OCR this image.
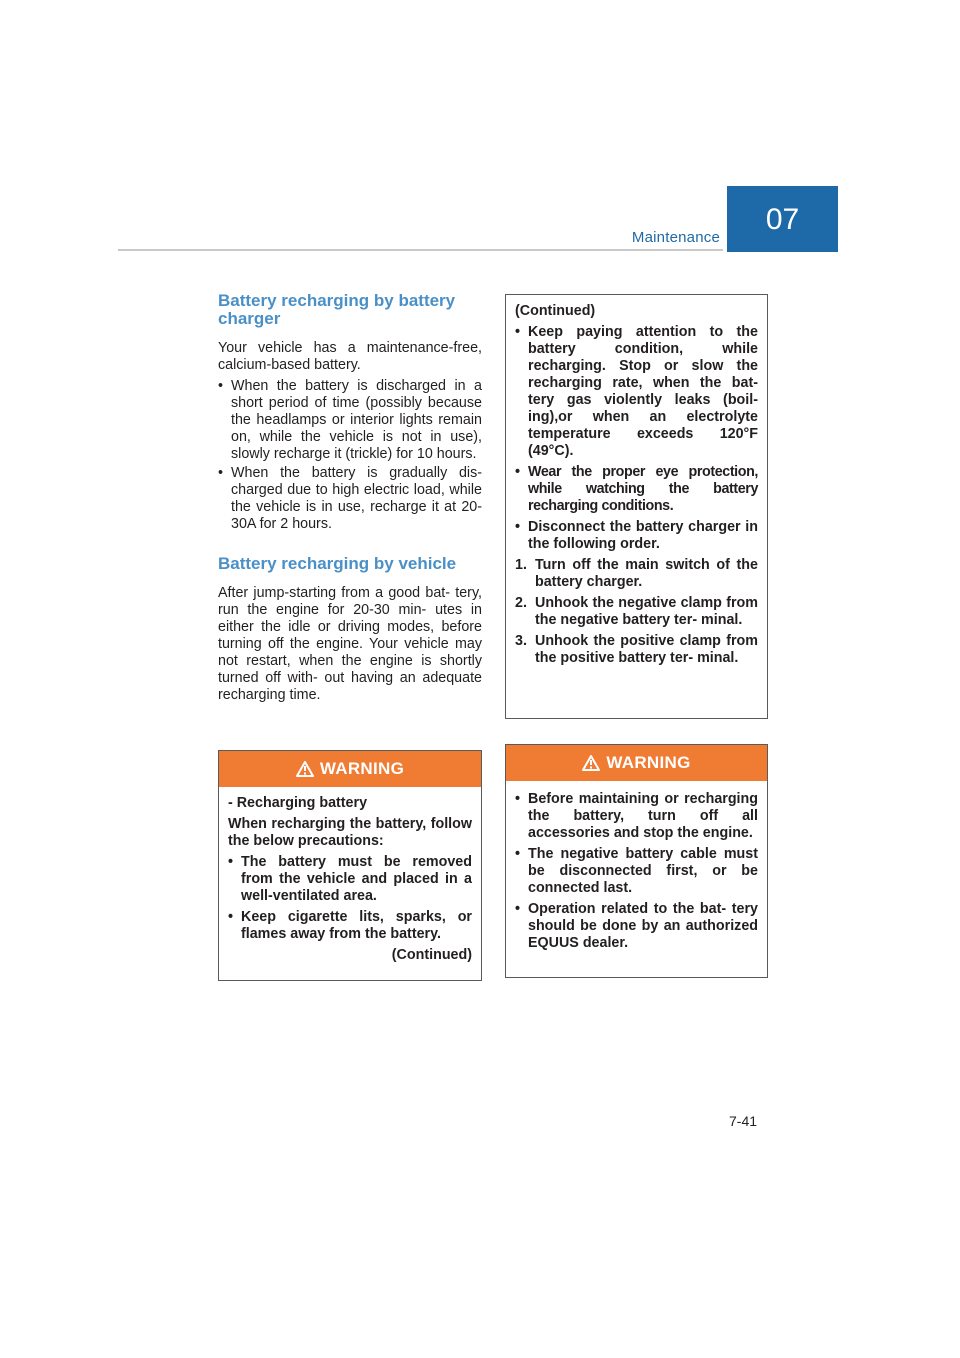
Maintenance
07
Battery recharging by battery charger

Your vehicle has a maintenance-free, calcium-based battery.

• When the battery is discharged in a short period of time (possibly because the headlamps or interior lights remain on, while the vehicle is not in use), slowly recharge it (trickle) for 10 hours.
• When the battery is gradually dis- charged due to high electric load, while the vehicle is in use, recharge it at 20-30A for 2 hours.
Battery recharging by vehicle

After jump-starting from a good bat- tery, run the engine for 20-30 min- utes in either the idle or driving modes, before turning off the engine. Your vehicle may not restart, when the engine is shortly turned off with- out having an adequate recharging time.

WARNING

- Recharging battery

When recharging the battery, follow the below precautions:

• The battery must be removed from the vehicle and placed in a well-ventilated area.
• Keep cigarette lits, sparks, or flames away from the battery.

(Continued)

(Continued)

• Keep paying attention to the battery condition, while recharging. Stop or slow the recharging rate, when the bat- tery gas violently leaks (boil- ing),or when an electrolyte temperature exceeds 120°F (49°C).
• Wear the proper eye protection, while watching the battery recharging conditions.
• Disconnect the battery charger in the following order.
1. Turn off the main switch of the battery charger.
2. Unhook the negative clamp from the negative battery ter- minal.
3. Unhook the positive clamp from the positive battery ter- minal.
WARNING
• Before maintaining or recharging the battery, turn off all accessories and stop the engine.
• The negative battery cable must be disconnected first, or be connected last.
• Operation related to the bat- tery should be done by an authorized EQUUS dealer.
7-41
